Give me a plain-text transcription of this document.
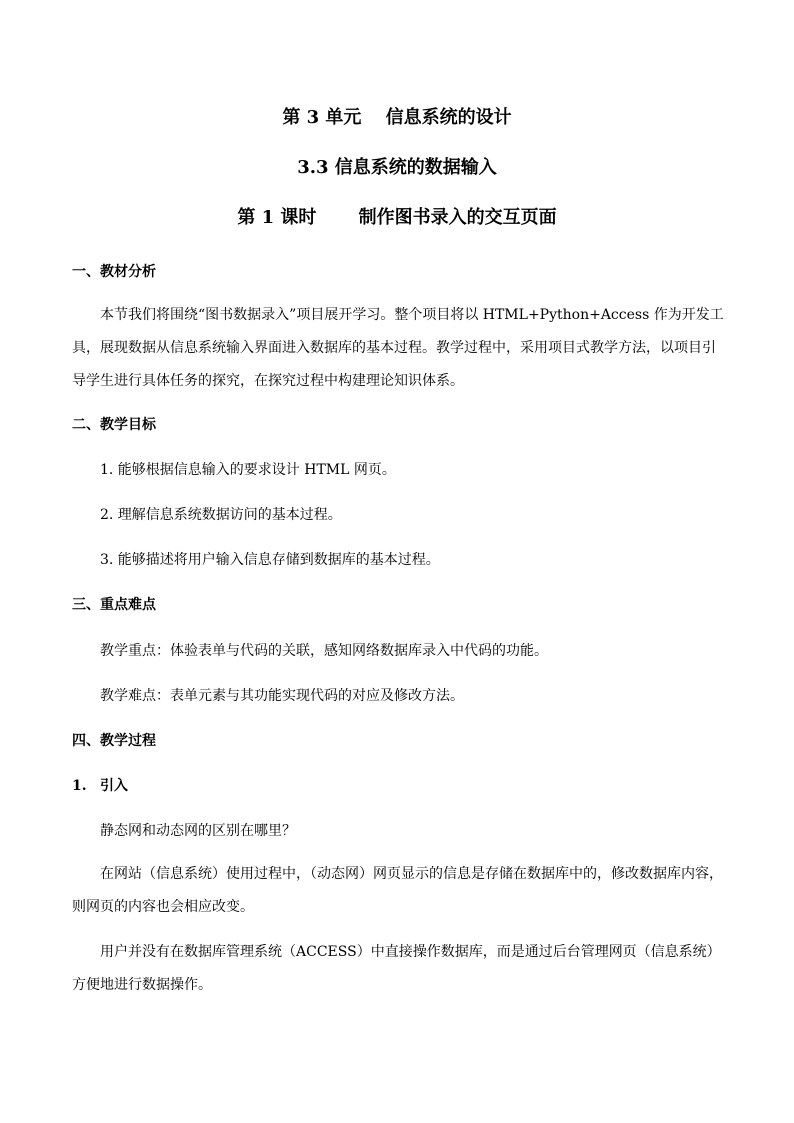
第 3 单元　 信息系统的设计
3.3 信息系统的数据输入
第 1 课时　　 制作图书录入的交互页面
一、教材分析
本节我们将围绕“图书数据录入”项目展开学习。整个项目将以 HTML+Python+Access 作为开发工具，展现数据从信息系统输入界面进入数据库的基本过程。教学过程中，采用项目式教学方法，以项目引导学生进行具体任务的探究，在探究过程中构建理论知识体系。
二、教学目标
1. 能够根据信息输入的要求设计 HTML 网页。
2. 理解信息系统数据访问的基本过程。
3. 能够描述将用户输入信息存储到数据库的基本过程。
三、重点难点
教学重点：体验表单与代码的关联，感知网络数据库录入中代码的功能。
教学难点：表单元素与其功能实现代码的对应及修改方法。
四、教学过程
1. 引入
静态网和动态网的区别在哪里？
在网站（信息系统）使用过程中，（动态网）网页显示的信息是存储在数据库中的，修改数据库内容，则网页的内容也会相应改变。
用户并没有在数据库管理系统（ACCESS）中直接操作数据库，而是通过后台管理网页（信息系统）方便地进行数据操作。
